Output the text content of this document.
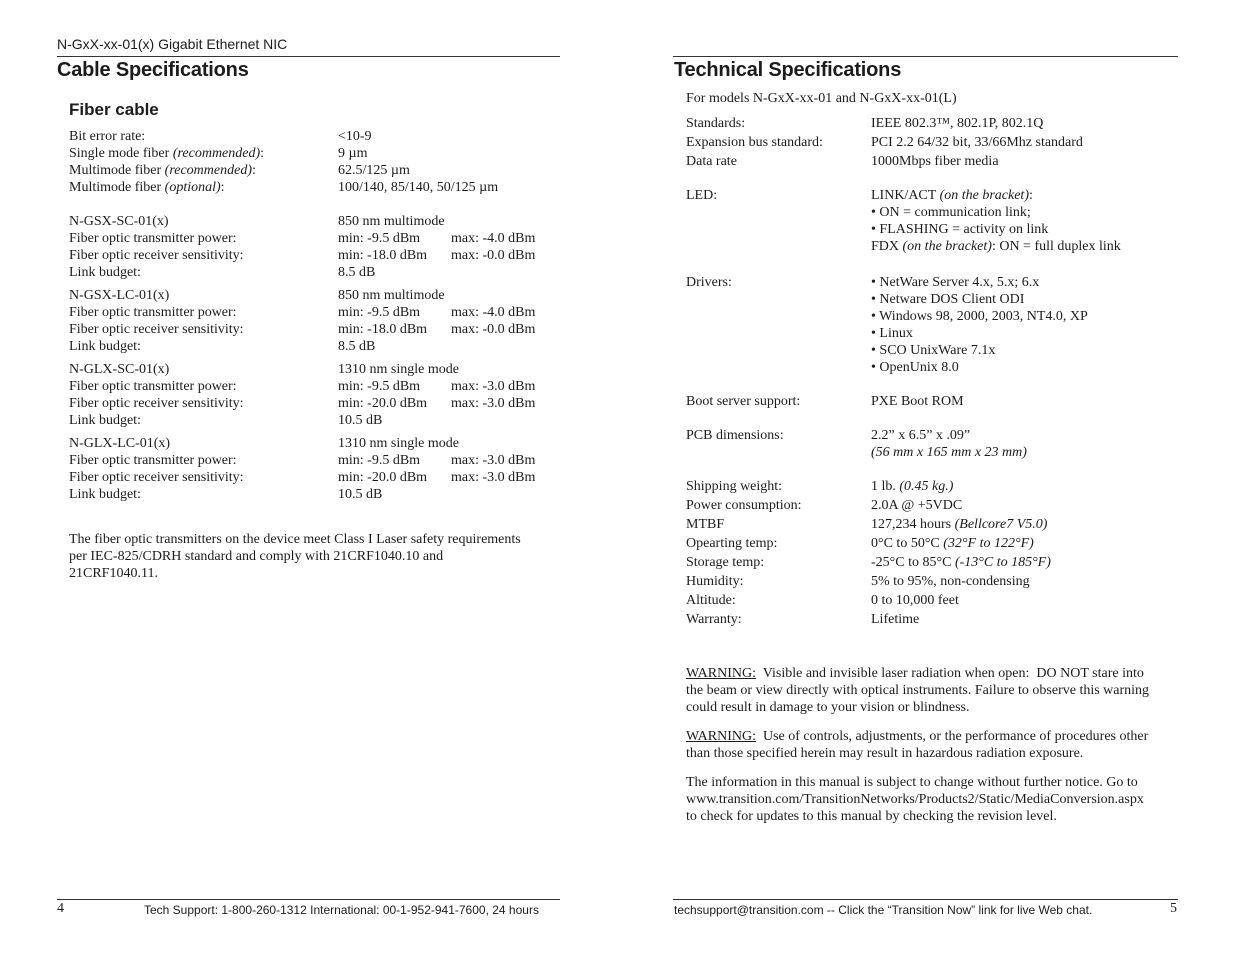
N-GxX-xx-01(x) Gigabit Ethernet NIC
Cable Specifications
Fiber cable
Bit error rate:	<10-9
Single mode fiber (recommended):	9 µm
Multimode fiber (recommended):	62.5/125 µm
Multimode fiber (optional):	100/140, 85/140, 50/125 µm
N-GSX-SC-01(x)	850 nm multimode
Fiber optic transmitter power:	min: -9.5 dBm max: -4.0 dBm
Fiber optic receiver sensitivity:	min: -18.0 dBm max: -0.0 dBm
Link budget:	8.5 dB
N-GSX-LC-01(x)	850 nm multimode
Fiber optic transmitter power:	min: -9.5 dBm max: -4.0 dBm
Fiber optic receiver sensitivity:	min: -18.0 dBm max: -0.0 dBm
Link budget:	8.5 dB
N-GLX-SC-01(x)	1310 nm single mode
Fiber optic transmitter power:	min: -9.5 dBm max: -3.0 dBm
Fiber optic receiver sensitivity:	min: -20.0 dBm max: -3.0 dBm
Link budget:	10.5 dB
N-GLX-LC-01(x)	1310 nm single mode
Fiber optic transmitter power:	min: -9.5 dBm max: -3.0 dBm
Fiber optic receiver sensitivity:	min: -20.0 dBm max: -3.0 dBm
Link budget:	10.5 dB
The fiber optic transmitters on the device meet Class I Laser safety requirements
per IEC-825/CDRH standard and comply with 21CRF1040.10 and
21CRF1040.11.
4	Tech Support: 1-800-260-1312 International: 00-1-952-941-7600, 24 hours
Technical Specifications
For models N-GxX-xx-01 and N-GxX-xx-01(L)
Standards:	IEEE 802.3™, 802.1P, 802.1Q
Expansion bus standard:	PCI 2.2 64/32 bit, 33/66Mhz standard
Data rate	1000Mbps fiber media
LED:	LINK/ACT (on the bracket):
• ON = communication link;
• FLASHING = activity on link
FDX (on the bracket): ON = full duplex link
Drivers:	• NetWare Server 4.x, 5.x; 6.x
• Netware DOS Client ODI
• Windows 98, 2000, 2003, NT4.0, XP
• Linux
• SCO UnixWare 7.1x
• OpenUnix 8.0
Boot server support:	PXE Boot ROM
PCB dimensions:	2.2” x 6.5” x .09”
(56 mm x 165 mm x 23 mm)
Shipping weight:	1 lb. (0.45 kg.)
Power consumption:	2.0A @ +5VDC
MTBF	127,234 hours (Bellcore7 V5.0)
Opearting temp:	0°C to 50°C (32°F to 122°F)
Storage temp:	-25°C to 85°C (-13°C to 185°F)
Humidity:	5% to 95%, non-condensing
Altitude:	0 to 10,000 feet
Warranty:	Lifetime
WARNING:  Visible and invisible laser radiation when open:  DO NOT stare into
the beam or view directly with optical instruments. Failure to observe this warning
could result in damage to your vision or blindness.
WARNING:  Use of controls, adjustments, or the performance of procedures other
than those specified herein may result in hazardous radiation exposure.
The information in this manual is subject to change without further notice. Go to
www.transition.com/TransitionNetworks/Products2/Static/MediaConversion.aspx
to check for updates to this manual by checking the revision level.
techsupport@transition.com -- Click the “Transition Now” link for live Web chat.	5
